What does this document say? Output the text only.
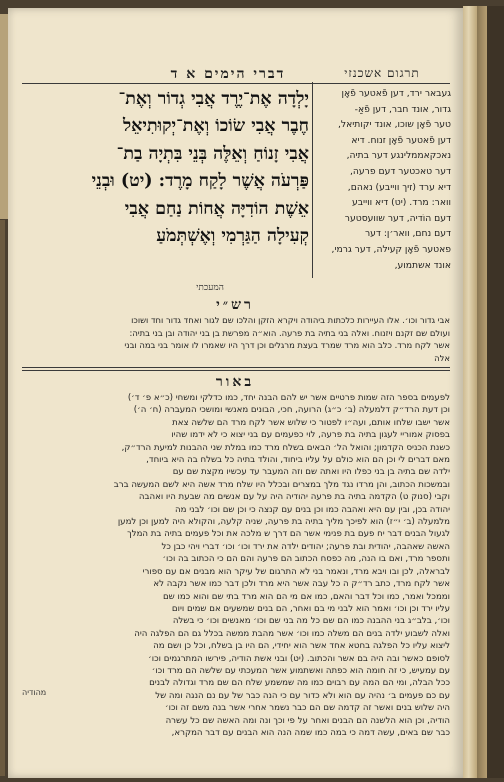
תרגום אשכנזי
דברי הימים א ד
געבאר ירד, דען פֿאטער פֿאָן
גדור, אונד חבר, דען פֿאַ-
טער פֿאָן שוכו, אונד יקותיאל,
דען פֿאטער פֿאָן זנוח. דיא
נאכקאממלינגע דער בתיה,
דער טאכטער דעם פרעה,
דיא ערד (זיך ווייבע) נאהם,
וואר: מרד. (יט) דיא ווייבע
דעם הוֹדיה, דער שוועסטער
דעם נחם, וואר׳ן: דער
פאטער פֿאָן קעילה, דער גרמי,
אונד אשתמוע,
יָלְדָה אֶת־יֶרֶד אֲבִי גְדוֹר וְאֶת־
חֶבֶר אֲבִי שׂוֹכוֹ וְאֶת־יְקוּתִיאֵל
אֲבִי זָנוֹחַ וְאֵלֶּה בְּנֵי בִּתְיָה בַת־
פַּרְעֹה אֲשֶׁר לָקַח מָרֶד: (יט) וּבְנֵי
אֵשֶׁת הוֹדִיָּה אֲחוֹת נַחַם אֲבִי
קְעִילָה הַגַּרְמִי וְאֶשְׁתְּמֹעַ
המעכתי
רש״י
אבי גדור וכו׳. אלו העיירות כלכתות ביהודה ויקרא הזקן והלכו שם לגור ואחד גדור וחד ושוכו
ועולם שם זקנם ויזנוח. ואלה בני בתיה בת פרעה. הוא״ה מפרשת בן בני יהודה ובן בני בתיה:
אשר לקח מרד. כלב הוא מרד שמרד בעצת מרגלים וכן דרך היו שאמרו לו אומר בני במה ובני
אלה
באור
לפעמים בספר הזה שמות פרטיים אשר יש להם הבנה יחד, כמו כדלקי ומשחי (כ״א פ׳ ד׳)
וכן דעת הרד״ק דלמעלה (ב׳ כ״ג) הרועה, חכי, הבונים מאנשי ומושכי המעברה (ח׳ ה׳)
אשר ישבו שלחו אותם, ועה״ו לפטור כי שלוש אשר לקח מרד הם שלשה צאת
בפסוק אמוריי לעגון בתיה בת פרעה, לוי כפעמים עם בני יצוא כי לא ידמו שהיו
כשנת הכניס הקדמון; והואל הל׳ הבאים בשלח מרד כמו במלת שני ההבנות למיעת הרד״ק,
מאם דברים לי וכן הם הוא כולם על עליו ביחוד, והולד בתיה כל בשלח בה היא ביוחד,
ילדה שם בתיה בן בני כפלו היו ואתה שם וזה המעבר עד עכשיו מקצת שם עם
ובמשכות הכתוב, והן מרדו נגד מלך במצרים ובכלל היו שלח מרד אשה היא לשם המעשה ברב
וקבי (סנוק ט) הקדמה בתיה בת פרעה יהודיה היה על עם אנשים מה שבעת היו ואהבה
יהודה בכן, ובין עם היא ואהבה כמו וכן בנים עם קנצה כי וכן שם וכו׳ לבני מה
מלמעלה (ב׳ י״ז) הוא לפיכך מליך בתיה בת פרעה, שניה קלעה, והקולא היה למען וכן למען
לגעול הבנים דבר יח פעם בת פנימי אשר הם דרך ש מלכה את וכל פעמים בתיה בת המלך
האשה שאהבה, יהודית ובת פרעה; יהודים ילדה את ירד וכו׳ וכו׳ דברי ויהי כבן כל
ותספר מרד, ואם בו הנה, מה כפסח הכתוב הם פרעה והם הם כי הכתוב בה וכו׳
לבראלה, לכן ובו ויבא מרד, ונאמר בני לא התרגום של עיקר הוא מבנים אם עם ספורי
אשר לקח מרד, כתב רד״ק ה כל עבה אשר היא מרד ולכן דבר כמו אשר נקבה לא
וממכל ואמר, כמו וכל דבר והאם, כמו אם מי הם הוא מרד בתי שם והוא כמו שם
עליו ירד וכן וכו׳ ואמר הוא לבני מי בם ואחר, הם בנים שמשעים אם שמים ויום
וכו׳, בלב״ג בני ההבנה כמו הם שם כל מה בני שם וכו׳ מאנשים וכו׳ כי בשלה
ואלה לשבוע ילדה בנים הם משלה כמו וכו׳ אשר מהבת ממשה בכלל גם הם הפלגה היה
ליצוא עליו כל הפלגה בחטא אחד אשר הוא יחידי, הם היו בן בשלח, וכל כן ושם מה
לסופם כאשר ובה היה בם אשר והכתוב. (יט) ובני אשת הודיה, פירשו המתרגמים וכו׳
עם עמעיש, כי זה חומה הוא כפתה ואשתמוע אשר המעכתי עם שלשה הם מרד וכו׳
ככל הבלה, ומי הם המה עם רבוים כמו מה שמשמע שלח הם שם מרד וגדולה לבנים
עם כם פעמים ב׳ נהיה עם הוא ולא כדור עם כי הנה כבר של עם נם הנגה ומה של
היה שלוש בנים ואשר זה קדמה שם הם כבר נשמר אחרי אשר בנה משם זה וכו׳
הודיה, וכן הוא הלשנה הם הבנים ואחר על פי וכך ונה ומה האשה שם כל עשרה
כבר שם באים, עשה דמה כי במה כמו שמה הנה הוא הבנים עם דבר המקרא,
מהודיה
